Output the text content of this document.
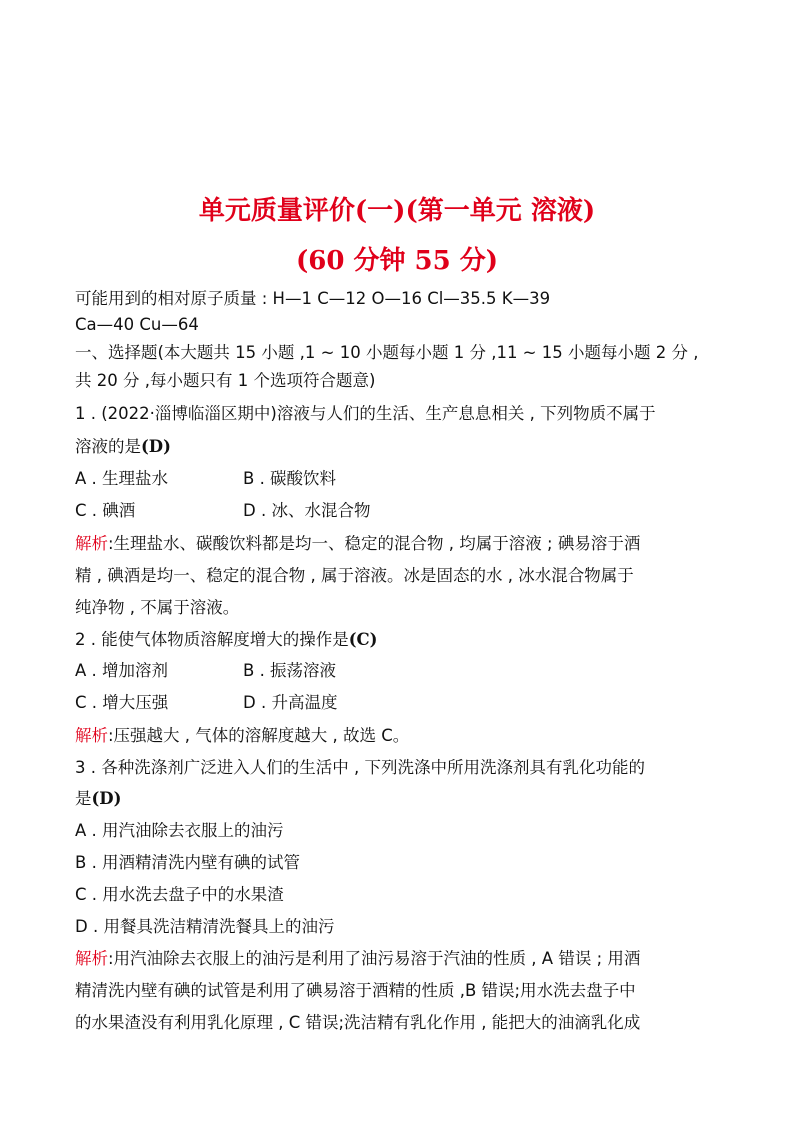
单元质量评价(一)(第一单元 溶液)
(60 分钟 55 分)
可能用到的相对原子质量 : H—1 C—12 O—16 Cl—35.5 K—39
Ca—40 Cu—64
一、选择题(本大题共 15 小题 ,1 ~ 10 小题每小题 1 分 ,11 ~ 15 小题每小题 2 分 ,
共 20 分 ,每小题只有 1 个选项符合题意)
1 . (2022·淄博临淄区期中)溶液与人们的生活、生产息息相关 , 下列物质不属于
溶液的是(D)
A . 生理盐水	B . 碳酸饮料
C . 碘酒	D . 冰、水混合物
解析:生理盐水、碳酸饮料都是均一、稳定的混合物 , 均属于溶液 ; 碘易溶于酒
精 , 碘酒是均一、稳定的混合物 , 属于溶液。冰是固态的水 , 冰水混合物属于
纯净物 , 不属于溶液。
2 . 能使气体物质溶解度增大的操作是(C)
A . 增加溶剂	B . 振荡溶液
C . 增大压强	D . 升高温度
解析:压强越大 , 气体的溶解度越大 , 故选 C。
3 . 各种洗涤剂广泛进入人们的生活中 , 下列洗涤中所用洗涤剂具有乳化功能的
是(D)
A . 用汽油除去衣服上的油污
B . 用酒精清洗内壁有碘的试管
C . 用水洗去盘子中的水果渣
D . 用餐具洗洁精清洗餐具上的油污
解析:用汽油除去衣服上的油污是利用了油污易溶于汽油的性质 , A 错误 ; 用酒
精清洗内壁有碘的试管是利用了碘易溶于酒精的性质 ,B 错误;用水洗去盘子中
的水果渣没有利用乳化原理 , C 错误;洗洁精有乳化作用 , 能把大的油滴乳化成
